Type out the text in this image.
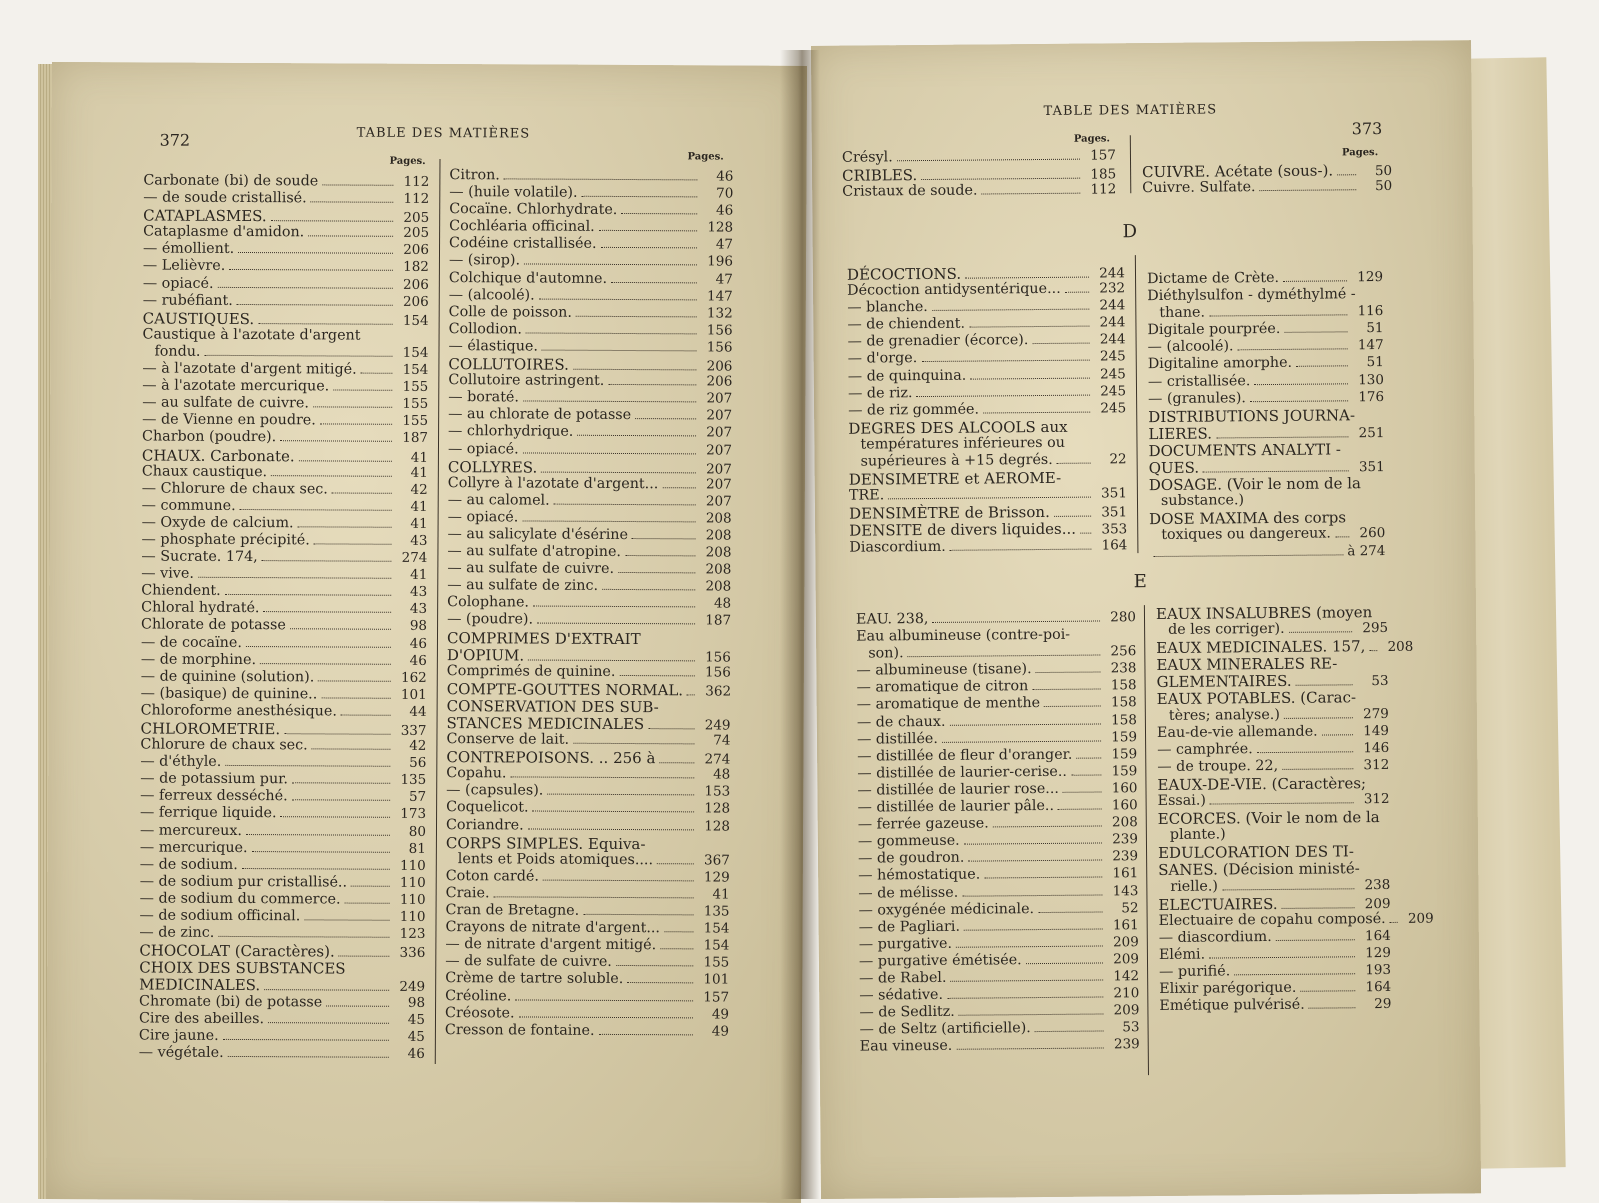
372	TABLE DES MATIÈRES
Pages.	Pages.
Carbonate (bi) de soude	112
— de soude cristallisé.	112
CATAPLASMES.	205
Cataplasme d'amidon.	205
— émollient.	206
— Lelièvre.	182
— opiacé.	206
— rubéfiant.	206
CAUSTIQUES.	154
Caustique à l'azotate d'argent
fondu.	154
— à l'azotate d'argent mitigé.	154
— à l'azotate mercurique.	155
— au sulfate de cuivre.	155
— de Vienne en poudre.	155
Charbon (poudre).	187
CHAUX. Carbonate.	41
Chaux caustique.	41
— Chlorure de chaux sec.	42
— commune.	41
— Oxyde de calcium.	41
— phosphate précipité.	43
— Sucrate. 174,	274
— vive.	41
Chiendent.	43
Chloral hydraté.	43
Chlorate de potasse	98
— de cocaïne.	46
— de morphine.	46
— de quinine (solution).	162
— (basique) de quinine..	101
Chloroforme anesthésique.	44
CHLOROMETRIE.	337
Chlorure de chaux sec.	42
— d'éthyle.	56
— de potassium pur.	135
— ferreux desséché.	57
— ferrique liquide.	173
— mercureux.	80
— mercurique.	81
— de sodium.	110
— de sodium pur cristallisé..	110
— de sodium du commerce.	110
— de sodium officinal.	110
— de zinc.	123
CHOCOLAT (Caractères).	336
CHOIX DES SUBSTANCES
MEDICINALES.	249
Chromate (bi) de potasse	98
Cire des abeilles.	45
Cire jaune.	45
— végétale.	46
Citron.	46
— (huile volatile).	70
Cocaïne. Chlorhydrate.	46
Cochléaria officinal.	128
Codéine cristallisée.	47
— (sirop).	196
Colchique d'automne.	47
— (alcoolé).	147
Colle de poisson.	132
Collodion.	156
— élastique.	156
COLLUTOIRES.	206
Collutoire astringent.	206
— boraté.	207
— au chlorate de potasse	207
— chlorhydrique.	207
— opiacé.	207
COLLYRES.	207
Collyre à l'azotate d'argent...	207
— au calomel.	207
— opiacé.	208
— au salicylate d'ésérine	208
— au sulfate d'atropine.	208
— au sulfate de cuivre.	208
— au sulfate de zinc.	208
Colophane.	48
— (poudre).	187
COMPRIMES D'EXTRAIT
D'OPIUM.	156
Comprimés de quinine.	156
COMPTE-GOUTTES NORMAL.	362
CONSERVATION DES SUB-
STANCES MEDICINALES	249
Conserve de lait.	74
CONTREPOISONS. .. 256 à	274
Copahu.	48
— (capsules).	153
Coquelicot.	128
Coriandre.	128
CORPS SIMPLES. Equiva-
lents et Poids atomiques....	367
Coton cardé.	129
Craie.	41
Cran de Bretagne.	135
Crayons de nitrate d'argent...	154
— de nitrate d'argent mitigé.	154
— de sulfate de cuivre.	155
Crème de tartre soluble.	101
Créoline.	157
Créosote.	49
Cresson de fontaine.	49
TABLE DES MATIÈRES
373
Pages.
Pages.
Crésyl.	157
CRIBLES.	185
Cristaux de soude.	112
CUIVRE. Acétate (sous-).	50
Cuivre. Sulfate.	50
D
DÉCOCTIONS.	244
Décoction antidysentérique...	232
— blanche.	244
— de chiendent.	244
— de grenadier (écorce).	244
— d'orge.	245
— de quinquina.	245
— de riz.	245
— de riz gommée.	245
DEGRES DES ALCOOLS aux
températures inférieures ou
supérieures à +15 degrés.	22
DENSIMETRE et AEROME-
TRE.	351
DENSIMÈTRE de Brisson.	351
DENSITE de divers liquides...	353
Diascordium.	164
Dictame de Crète.	129
Diéthylsulfon - dyméthylmé -
thane.	116
Digitale pourprée.	51
— (alcoolé).	147
Digitaline amorphe.	51
— cristallisée.	130
— (granules).	176
DISTRIBUTIONS JOURNA-
LIERES.	251
DOCUMENTS ANALYTI -
QUES.	351
DOSAGE. (Voir le nom de la
substance.)
DOSE MAXIMA des corps
toxiques ou dangereux.	260
à 274
E
EAU. 238,	280
Eau albumineuse (contre-poi-
son).	256
— albumineuse (tisane).	238
— aromatique de citron	158
— aromatique de menthe	158
— de chaux.	158
— distillée.	159
— distillée de fleur d'oranger.	159
— distillée de laurier-cerise..	159
— distillée de laurier rose...	160
— distillée de laurier pâle..	160
— ferrée gazeuse.	208
— gommeuse.	239
— de goudron.	239
— hémostatique.	161
— de mélisse.	143
— oxygénée médicinale.	52
— de Pagliari.	161
— purgative.	209
— purgative émétisée.	209
— de Rabel.	142
— sédative.	210
— de Sedlitz.	209
— de Seltz (artificielle).	53
Eau vineuse.	239
EAUX INSALUBRES (moyen
de les corriger).	295
EAUX MEDICINALES. 157,	208
EAUX MINERALES RE-
GLEMENTAIRES.	53
EAUX POTABLES. (Carac-
tères; analyse.)	279
Eau-de-vie allemande.	149
— camphrée.	146
— de troupe. 22,	312
EAUX-DE-VIE. (Caractères;
Essai.)	312
ECORCES. (Voir le nom de la
plante.)
EDULCORATION DES TI-
SANES. (Décision ministé-
rielle.)	238
ELECTUAIRES.	209
Electuaire de copahu composé.	209
— diascordium.	164
Elémi.	129
— purifié.	193
Elixir parégorique.	164
Emétique pulvérisé.	29
